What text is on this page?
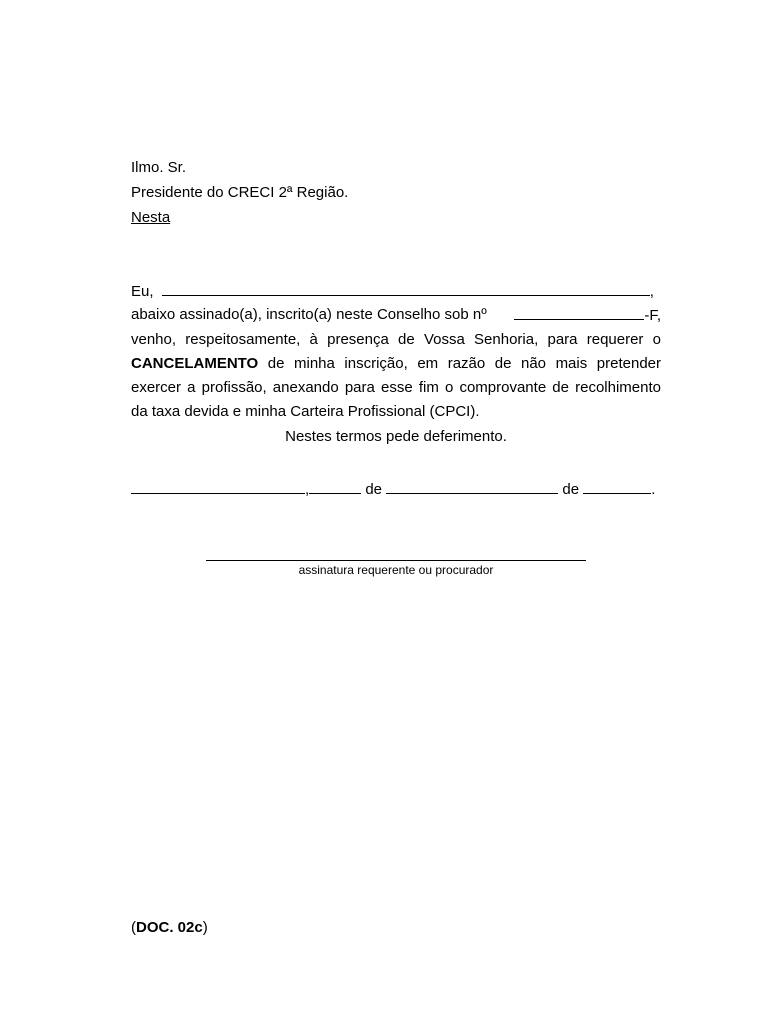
Ilmo. Sr.
Presidente do CRECI 2ª Região.
Nesta
Eu,	,
abaixo assinado(a), inscrito(a) neste Conselho sob nº	-F,
venho, respeitosamente, à presença de Vossa Senhoria, para requerer o
CANCELAMENTO de minha inscrição, em razão de não mais pretender
exercer a profissão, anexando para esse fim o comprovante de recolhimento
da taxa devida e minha Carteira Profissional (CPCI).
Nestes termos pede deferimento.
,	de	de	.
assinatura requerente ou procurador
(DOC. 02c)
